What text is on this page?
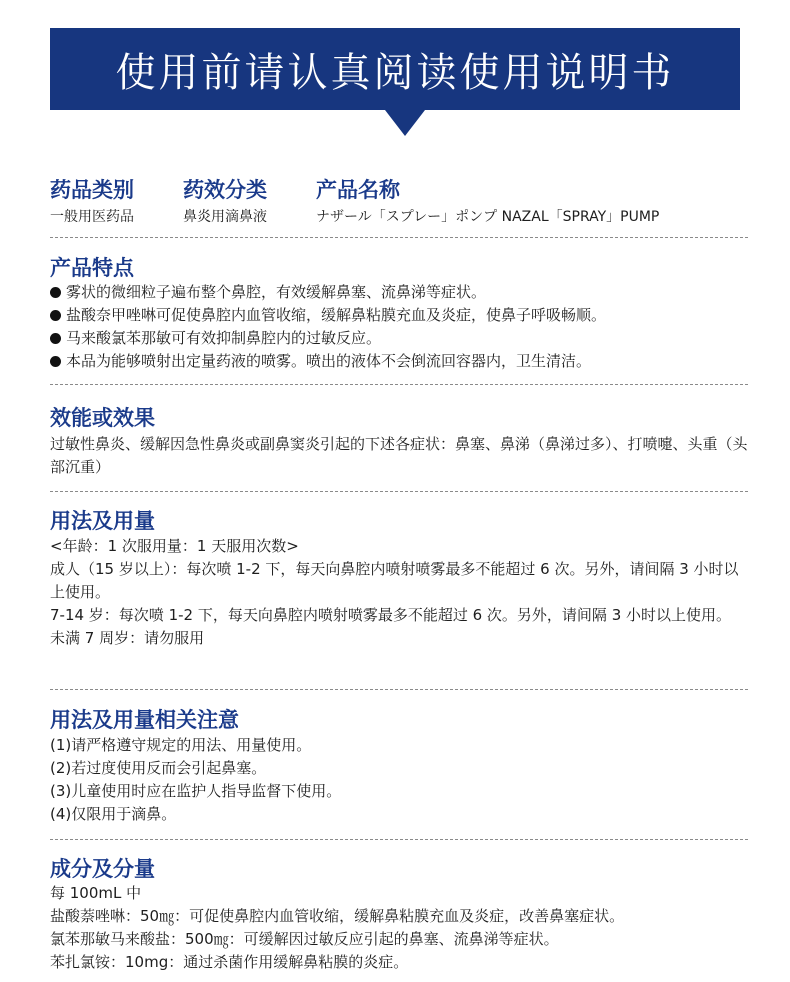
使用前请认真阅读使用说明书
药品类别

一般用医药品

药效分类

鼻炎用滴鼻液

产品名称

ナザール「スプレー」ポンプ NAZAL「SPRAY」PUMP

产品特点
雾状的微细粒子遍布整个鼻腔，有效缓解鼻塞、流鼻涕等症状。
盐酸奈甲唑啉可促使鼻腔内血管收缩，缓解鼻粘膜充血及炎症，使鼻子呼吸畅顺。
马来酸氯苯那敏可有效抑制鼻腔内的过敏反应。
本品为能够喷射出定量药液的喷雾。喷出的液体不会倒流回容器内，卫生清洁。
效能或效果

过敏性鼻炎、缓解因急性鼻炎或副鼻窦炎引起的下述各症状：鼻塞、鼻涕（鼻涕过多）、打喷嚏、头重（头部沉重）

用法及用量
<年龄：1 次服用量：1 天服用次数>
成人（15 岁以上）：每次喷 1-2 下，每天向鼻腔内喷射喷雾最多不能超过 6 次。另外，请间隔 3 小时以上使用。
7-14 岁：每次喷 1-2 下，每天向鼻腔内喷射喷雾最多不能超过 6 次。另外，请间隔 3 小时以上使用。
未满 7 周岁：请勿服用
用法及用量相关注意
(1)请严格遵守规定的用法、用量使用。
(2)若过度使用反而会引起鼻塞。
(3)儿童使用时应在监护人指导监督下使用。
(4)仅限用于滴鼻。
成分及分量
每 100mL 中
盐酸萘唑啉：50㎎：可促使鼻腔内血管收缩，缓解鼻粘膜充血及炎症，改善鼻塞症状。
氯苯那敏马来酸盐：500㎎：可缓解因过敏反应引起的鼻塞、流鼻涕等症状。
苯扎氯铵：10mg：通过杀菌作用缓解鼻粘膜的炎症。
